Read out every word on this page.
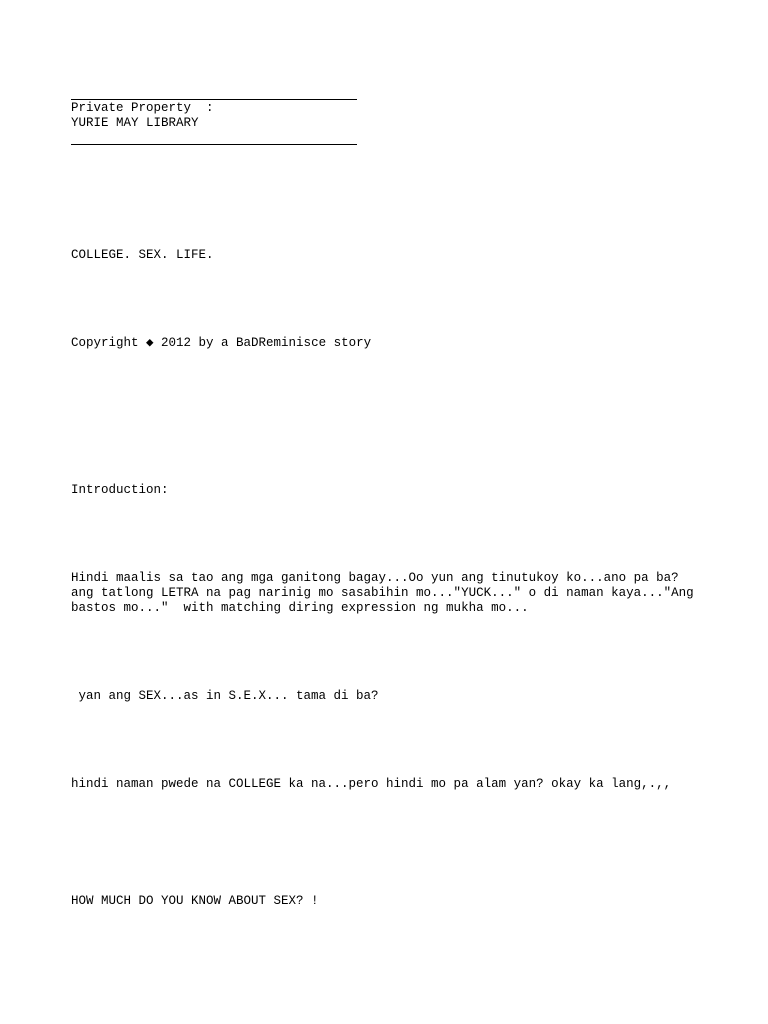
Private Property  :
YURIE MAY LIBRARY
COLLEGE. SEX. LIFE.
Copyright ◆ 2012 by a BaDReminisce story
Introduction:
Hindi maalis sa tao ang mga ganitong bagay...Oo yun ang tinutukoy ko...ano pa ba?
ang tatlong LETRA na pag narinig mo sasabihin mo..."YUCK..." o di naman kaya..."Ang
bastos mo..."  with matching diring expression ng mukha mo...
yan ang SEX...as in S.E.X... tama di ba?
hindi naman pwede na COLLEGE ka na...pero hindi mo pa alam yan? okay ka lang,.,,
HOW MUCH DO YOU KNOW ABOUT SEX? !
